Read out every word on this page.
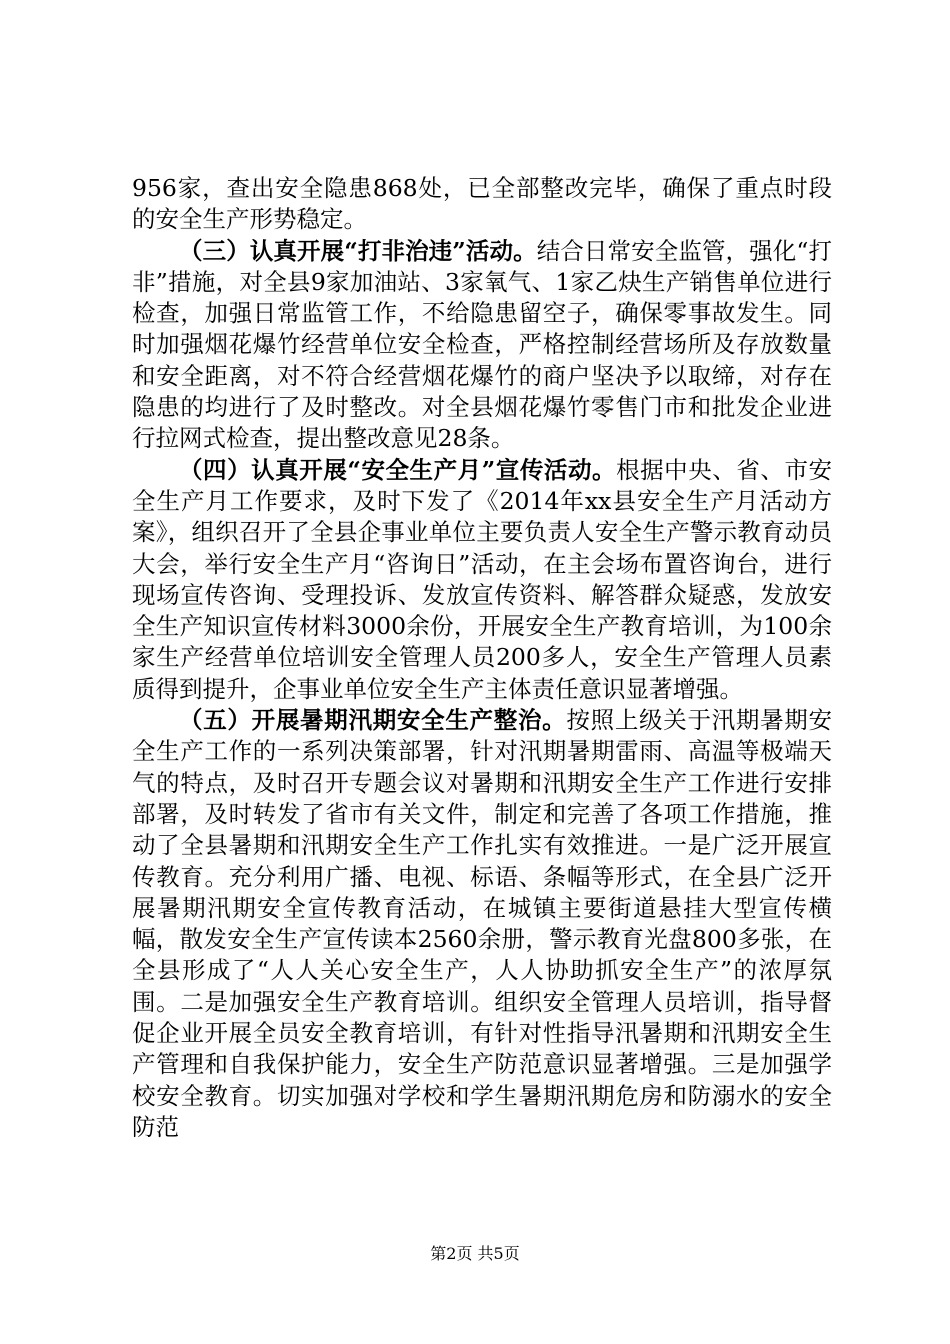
956家，查出安全隐患868处，已全部整改完毕，确保了重点时段的安全生产形势稳定。

（三）认真开展“打非治违”活动。结合日常安全监管，强化“打非”措施，对全县9家加油站、3家氧气、1家乙炔生产销售单位进行检查，加强日常监管工作，不给隐患留空子，确保零事故发生。同时加强烟花爆竹经营单位安全检查，严格控制经营场所及存放数量和安全距离，对不符合经营烟花爆竹的商户坚决予以取缔，对存在隐患的均进行了及时整改。对全县烟花爆竹零售门市和批发企业进行拉网式检查，提出整改意见28条。

（四）认真开展“安全生产月”宣传活动。根据中央、省、市安全生产月工作要求，及时下发了《2014年xx县安全生产月活动方案》，组织召开了全县企事业单位主要负责人安全生产警示教育动员大会，举行安全生产月“咨询日”活动，在主会场布置咨询台，进行现场宣传咨询、受理投诉、发放宣传资料、解答群众疑惑，发放安全生产知识宣传材料3000余份，开展安全生产教育培训，为100余家生产经营单位培训安全管理人员200多人，安全生产管理人员素质得到提升，企事业单位安全生产主体责任意识显著增强。

（五）开展暑期汛期安全生产整治。按照上级关于汛期暑期安全生产工作的一系列决策部署，针对汛期暑期雷雨、高温等极端天气的特点，及时召开专题会议对暑期和汛期安全生产工作进行安排部署，及时转发了省市有关文件，制定和完善了各项工作措施，推动了全县暑期和汛期安全生产工作扎实有效推进。一是广泛开展宣传教育。充分利用广播、电视、标语、条幅等形式，在全县广泛开展暑期汛期安全宣传教育活动，在城镇主要街道悬挂大型宣传横幅，散发安全生产宣传读本2560余册，警示教育光盘800多张，在全县形成了“人人关心安全生产，人人协助抓安全生产”的浓厚氛围。二是加强安全生产教育培训。组织安全管理人员培训，指导督促企业开展全员安全教育培训，有针对性指导汛暑期和汛期安全生产管理和自我保护能力，安全生产防范意识显著增强。三是加强学校安全教育。切实加强对学校和学生暑期汛期危房和防溺水的安全防范

第2页 共5页
